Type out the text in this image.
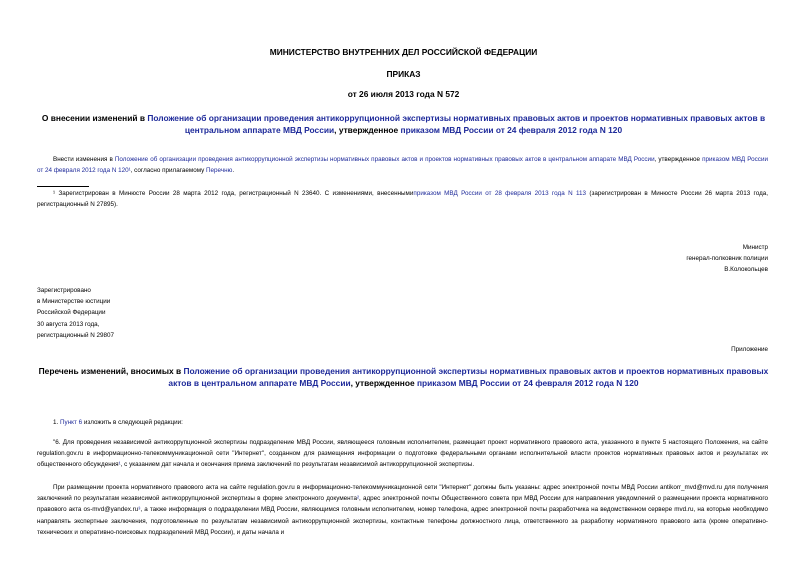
МИНИСТЕРСТВО ВНУТРЕННИХ ДЕЛ РОССИЙСКОЙ ФЕДЕРАЦИИ
ПРИКАЗ
от 26 июля 2013 года N 572
О внесении изменений в Положение об организации проведения антикоррупционной экспертизы нормативных правовых актов и проектов нормативных правовых актов в центральном аппарате МВД России, утвержденное приказом МВД России от 24 февраля 2012 года N 120
Внести изменения в Положение об организации проведения антикоррупционной экспертизы нормативных правовых актов и проектов нормативных правовых актов в центральном аппарате МВД России, утвержденное приказом МВД России от 24 февраля 2012 года N 120¹, согласно прилагаемому Перечню.
¹ Зарегистрирован в Минюсте России 28 марта 2012 года, регистрационный N 23640. С изменениями, внесеннымиприказом МВД России от 28 февраля 2013 года N 113 (зарегистрирован в Минюсте России 26 марта 2013 года, регистрационный N 27895).
Министр
генерал-полковник полиции
В.Колокольцев
Зарегистрировано
в Министерстве юстиции
Российской Федерации
30 августа 2013 года,
регистрационный N 29807
Приложение
Перечень изменений, вносимых в Положение об организации проведения антикоррупционной экспертизы нормативных правовых актов и проектов нормативных правовых актов в центральном аппарате МВД России, утвержденное приказом МВД России от 24 февраля 2012 года N 120
1. Пункт 6 изложить в следующей редакции:
"6. Для проведения независимой антикоррупционной экспертизы подразделение МВД России, являющееся головным исполнителем, размещает проект нормативного правового акта, указанного в пункте 5 настоящего Положения, на сайте regulation.gov.ru в информационно-телекоммуникационной сети "Интернет", созданном для размещения информации о подготовке федеральными органами исполнительной власти проектов нормативных правовых актов и результатах их общественного обсуждения¹, с указанием дат начала и окончания приема заключений по результатам независимой антикоррупционной экспертизы.
При размещении проекта нормативного правового акта на сайте regulation.gov.ru в информационно-телекоммуникационной сети "Интернет" должны быть указаны: адрес электронной почты МВД России antikorr_mvd@mvd.ru для получения заключений по результатам независимой антикоррупционной экспертизы в форме электронного документа², адрес электронной почты Общественного совета при МВД России для направления уведомлений о размещении проекта нормативного правового акта os-mvd@yandex.ru³, а также информация о подразделении МВД России, являющимся головным исполнителем, номер телефона, адрес электронной почты разработчика на ведомственном сервере mvd.ru, на которые необходимо направлять экспертные заключения, подготовленные по результатам независимой антикоррупционной экспертизы, контактные телефоны должностного лица, ответственного за разработку нормативного правового акта (кроме оперативно-технических и оперативно-поисковых подразделений МВД России), и даты начала и
